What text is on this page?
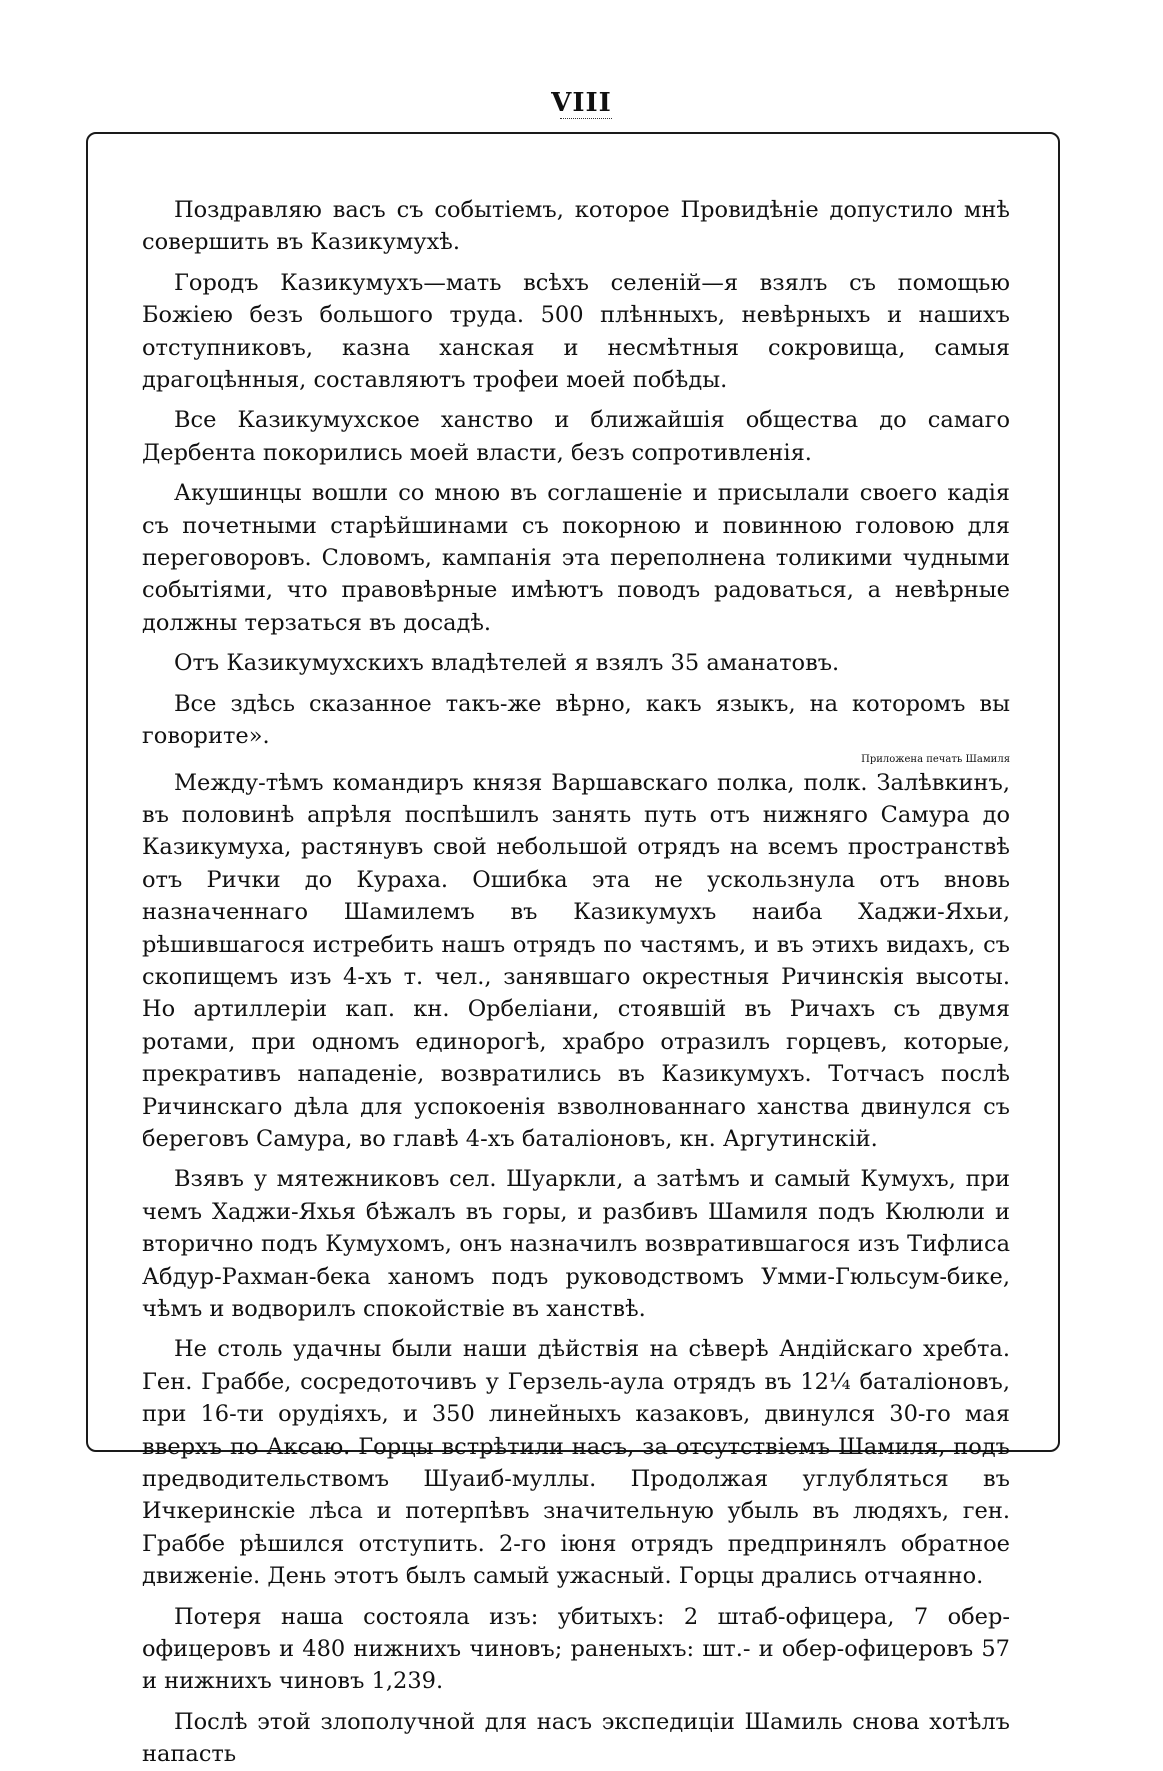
VIII

Поздравляю васъ съ событіемъ, которое Провидѣніе допустило мнѣ совершить въ Казикумухѣ.

Городъ Казикумухъ—мать всѣхъ селеній—я взялъ съ помощью Божіею безъ большого труда. 500 плѣнныхъ, невѣрныхъ и нашихъ отступниковъ, казна ханская и несмѣтныя сокровища, самыя драгоцѣнныя, составляютъ трофеи моей побѣды.

Все Казикумухское ханство и ближайшія общества до самаго Дербента покорились моей власти, безъ сопротивленія.

Акушинцы вошли со мною въ соглашеніе и присылали своего кадія съ почетными старѣйшинами съ покорною и повинною головою для переговоровъ. Словомъ, кампанія эта переполнена толикими чудными событіями, что правовѣрные имѣютъ поводъ радоваться, а невѣрные должны терзаться въ досадѣ.

Отъ Казикумухскихъ владѣтелей я взялъ 35 аманатовъ.

Все здѣсь сказанное такъ-же вѣрно, какъ языкъ, на которомъ вы говорите».

Приложена печать Шамиля

Между-тѣмъ командиръ князя Варшавскаго полка, полк. Залѣвкинъ, въ половинѣ апрѣля поспѣшилъ занять путь отъ нижняго Самура до Казикумуха, растянувъ свой небольшой отрядъ на всемъ пространствѣ отъ Рички до Кураха. Ошибка эта не ускользнула отъ вновь назначеннаго Шамилемъ въ Казикумухъ наиба Хаджи-Яхьи, рѣшившагося истребить нашъ отрядъ по частямъ, и въ этихъ видахъ, съ скопищемъ изъ 4-хъ т. чел., занявшаго окрестныя Ричинскія высоты. Но артиллеріи кап. кн. Орбеліани, стоявшій въ Ричахъ съ двумя ротами, при одномъ единорогѣ, храбро отразилъ горцевъ, которые, прекративъ нападеніе, возвратились въ Казикумухъ. Тотчасъ послѣ Ричинскаго дѣла для успокоенія взволнованнаго ханства двинулся съ береговъ Самура, во главѣ 4-хъ баталіоновъ, кн. Аргутинскій.

Взявъ у мятежниковъ сел. Шуаркли, а затѣмъ и самый Кумухъ, при чемъ Хаджи-Яхья бѣжалъ въ горы, и разбивъ Шамиля подъ Кюлюли и вторично подъ Кумухомъ, онъ назначилъ возвратившагося изъ Тифлиса Абдур-Рахман-бека ханомъ подъ руководствомъ Умми-Гюльсум-бике, чѣмъ и водворилъ спокойствіе въ ханствѣ.

Не столь удачны были наши дѣйствія на сѣверѣ Андійскаго хребта. Ген. Граббе, сосредоточивъ у Герзель-аула отрядъ въ 12¼ баталіоновъ, при 16-ти орудіяхъ, и 350 линейныхъ казаковъ, двинулся 30-го мая вверхъ по Аксаю. Горцы встрѣтили насъ, за отсутствіемъ Шамиля, подъ предводительствомъ Шуаиб-муллы. Продолжая углубляться въ Ичкеринскіе лѣса и потерпѣвъ значительную убыль въ людяхъ, ген. Граббе рѣшился отступить. 2-го іюня отрядъ предпринялъ обратное движеніе. День этотъ былъ самый ужасный. Горцы дрались отчаянно.

Потеря наша состояла изъ: убитыхъ: 2 штаб-офицера, 7 обер-офицеровъ и 480 нижнихъ чиновъ; раненыхъ: шт.- и обер-офицеровъ 57 и нижнихъ чиновъ 1,239.

Послѣ этой злополучной для насъ экспедиціи Шамиль снова хотѣлъ напасть
